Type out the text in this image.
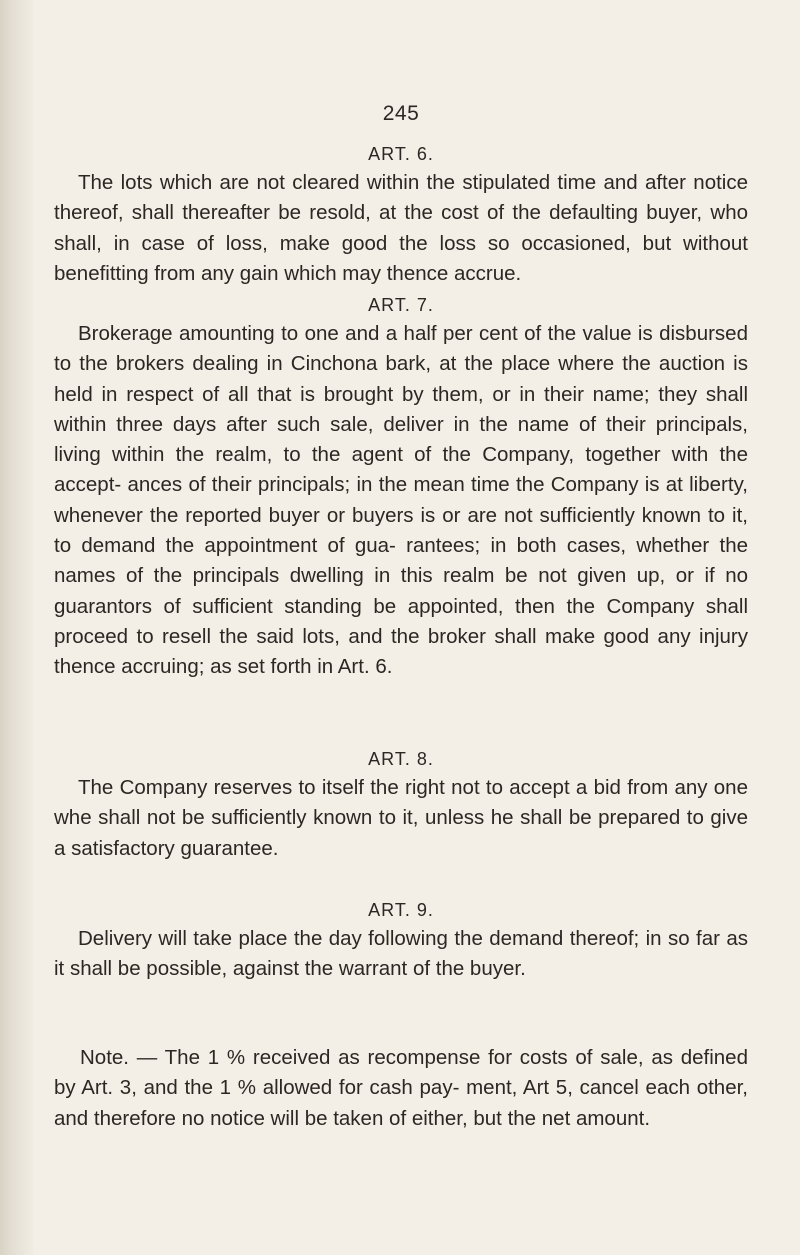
245

ART. 6.

The lots which are not cleared within the stipulated time and after notice thereof, shall thereafter be resold, at the cost of the defaulting buyer, who shall, in case of loss, make good the loss so occasioned, but without benefitting from any gain which may thence accrue.

ART. 7.

Brokerage amounting to one and a half per cent of the value is disbursed to the brokers dealing in Cinchona bark, at the place where the auction is held in respect of all that is brought by them, or in their name; they shall within three days after such sale, deliver in the name of their principals, living within the realm, to the agent of the Company, together with the accept- ances of their principals; in the mean time the Company is at liberty, whenever the reported buyer or buyers is or are not sufficiently known to it, to demand the appointment of gua- rantees; in both cases, whether the names of the principals dwelling in this realm be not given up, or if no guarantors of sufficient standing be appointed, then the Company shall proceed to resell the said lots, and the broker shall make good any injury thence accruing; as set forth in Art. 6.

ART. 8.

The Company reserves to itself the right not to accept a bid from any one whe shall not be sufficiently known to it, unless he shall be prepared to give a satisfactory guarantee.

ART. 9.

Delivery will take place the day following the demand thereof; in so far as it shall be possible, against the warrant of the buyer.

Note. — The 1 % received as recompense for costs of sale, as defined by Art. 3, and the 1 % allowed for cash pay- ment, Art 5, cancel each other, and therefore no notice will be taken of either, but the net amount.
